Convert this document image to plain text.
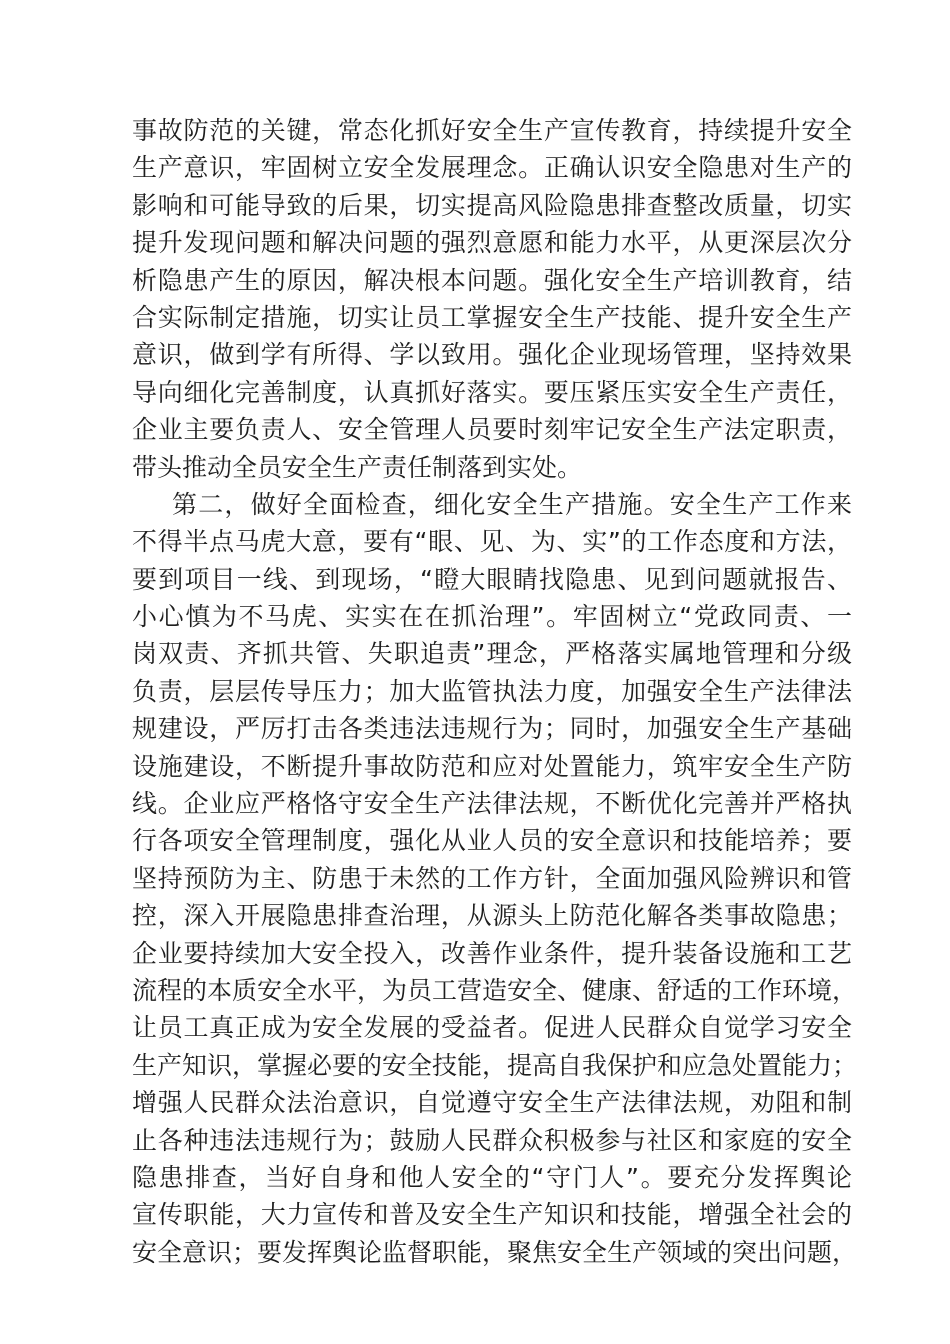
事故防范的关键，常态化抓好安全生产宣传教育，持续提升安全
生产意识，牢固树立安全发展理念。正确认识安全隐患对生产的
影响和可能导致的后果，切实提高风险隐患排查整改质量，切实
提升发现问题和解决问题的强烈意愿和能力水平，从更深层次分
析隐患产生的原因，解决根本问题。强化安全生产培训教育，结
合实际制定措施，切实让员工掌握安全生产技能、提升安全生产
意识，做到学有所得、学以致用。强化企业现场管理，坚持效果
导向细化完善制度，认真抓好落实。要压紧压实安全生产责任，
企业主要负责人、安全管理人员要时刻牢记安全生产法定职责，
带头推动全员安全生产责任制落到实处。
第二，做好全面检查，细化安全生产措施。安全生产工作来
不得半点马虎大意，要有“眼、见、为、实”的工作态度和方法，
要到项目一线、到现场，“瞪大眼睛找隐患、见到问题就报告、
小心慎为不马虎、实实在在抓治理”。牢固树立“党政同责、一
岗双责、齐抓共管、失职追责”理念，严格落实属地管理和分级
负责，层层传导压力；加大监管执法力度，加强安全生产法律法
规建设，严厉打击各类违法违规行为；同时，加强安全生产基础
设施建设，不断提升事故防范和应对处置能力，筑牢安全生产防
线。企业应严格恪守安全生产法律法规，不断优化完善并严格执
行各项安全管理制度，强化从业人员的安全意识和技能培养；要
坚持预防为主、防患于未然的工作方针，全面加强风险辨识和管
控，深入开展隐患排查治理，从源头上防范化解各类事故隐患；
企业要持续加大安全投入，改善作业条件，提升装备设施和工艺
流程的本质安全水平，为员工营造安全、健康、舒适的工作环境，
让员工真正成为安全发展的受益者。促进人民群众自觉学习安全
生产知识，掌握必要的安全技能，提高自我保护和应急处置能力；
增强人民群众法治意识，自觉遵守安全生产法律法规，劝阻和制
止各种违法违规行为；鼓励人民群众积极参与社区和家庭的安全
隐患排查，当好自身和他人安全的“守门人”。要充分发挥舆论
宣传职能，大力宣传和普及安全生产知识和技能，增强全社会的
安全意识；要发挥舆论监督职能，聚焦安全生产领域的突出问题，
